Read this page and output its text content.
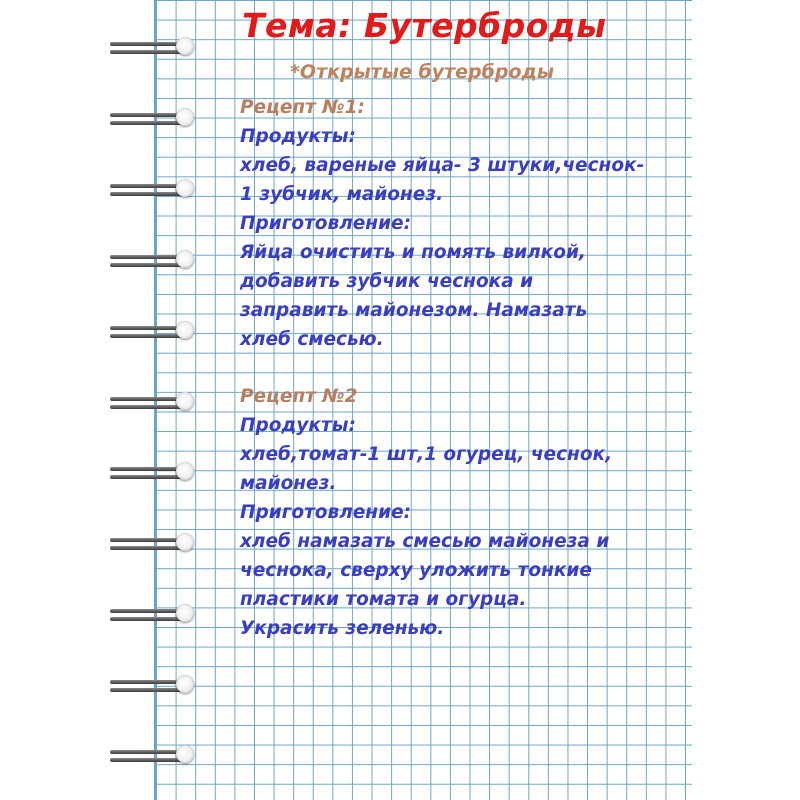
Тема: Бутерброды
*Открытые бутерброды
Рецепт №1:
Продукты:
хлеб, вареные яйца- 3 штуки,чеснок-
1 зубчик, майонез.
Приготовление:
Яйца очистить и помять вилкой,
добавить зубчик чеснока и
заправить майонезом. Намазать
хлеб смесью.
Рецепт №2
Продукты:
хлеб,томат-1 шт,1 огурец, чеснок,
майонез.
Приготовление:
хлеб намазать смесью майонеза и
чеснока, сверху уложить тонкие
пластики томата и огурца.
Украсить зеленью.
